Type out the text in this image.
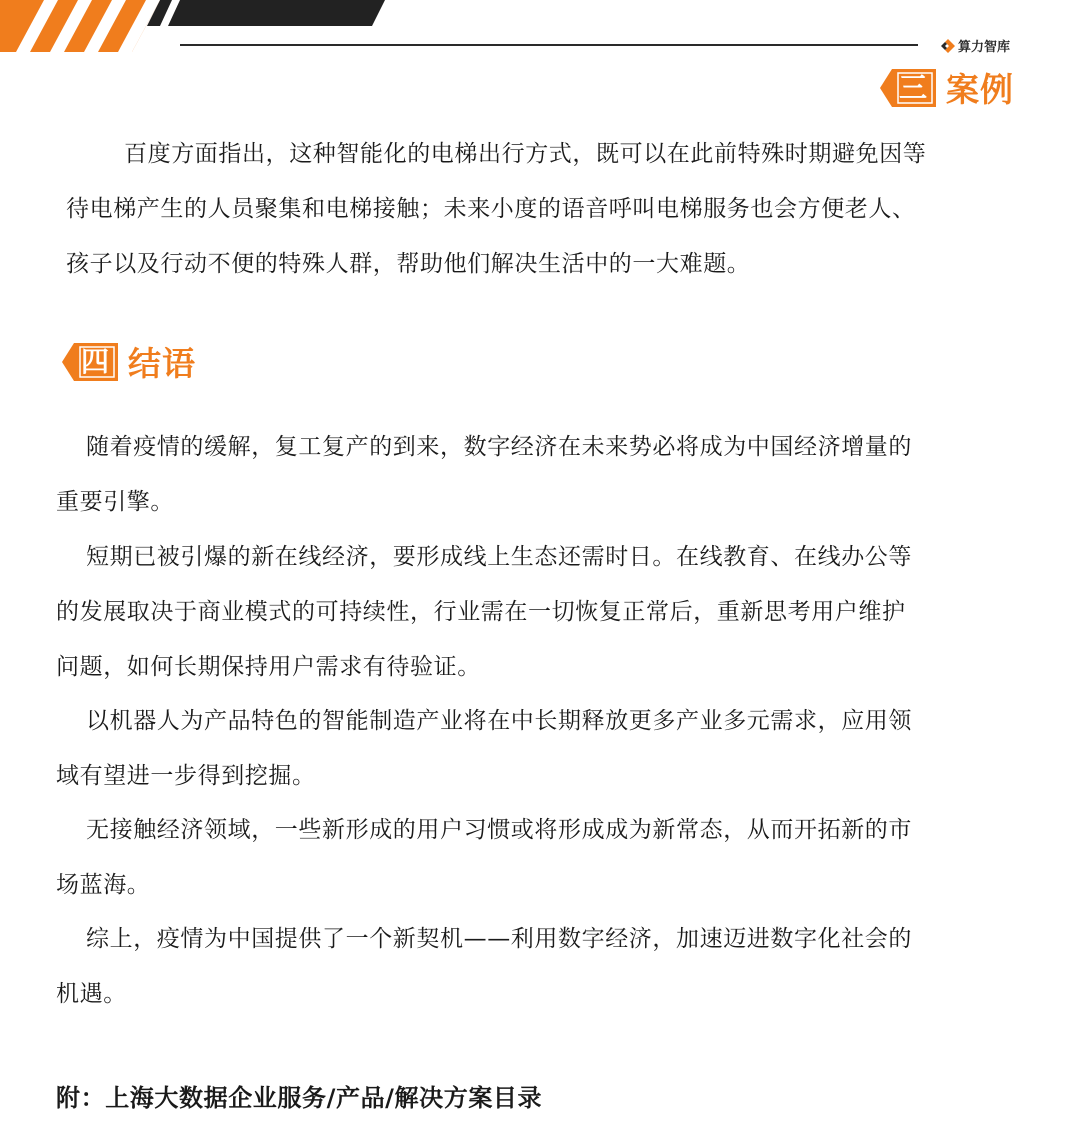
算力智库
三 案例

百度方面指出，这种智能化的电梯出行方式，既可以在此前特殊时期避免因等
待电梯产生的人员聚集和电梯接触；未来小度的语音呼叫电梯服务也会方便老人、
孩子以及行动不便的特殊人群，帮助他们解决生活中的一大难题。

四 结语

随着疫情的缓解，复工复产的到来，数字经济在未来势必将成为中国经济增量的
重要引擎。

短期已被引爆的新在线经济，要形成线上生态还需时日。在线教育、在线办公等
的发展取决于商业模式的可持续性，行业需在一切恢复正常后，重新思考用户维护
问题，如何长期保持用户需求有待验证。

以机器人为产品特色的智能制造产业将在中长期释放更多产业多元需求，应用领
域有望进一步得到挖掘。

无接触经济领域，一些新形成的用户习惯或将形成成为新常态，从而开拓新的市
场蓝海。

综上，疫情为中国提供了一个新契机——利用数字经济，加速迈进数字化社会的
机遇。

附：上海大数据企业服务/产品/解决方案目录
